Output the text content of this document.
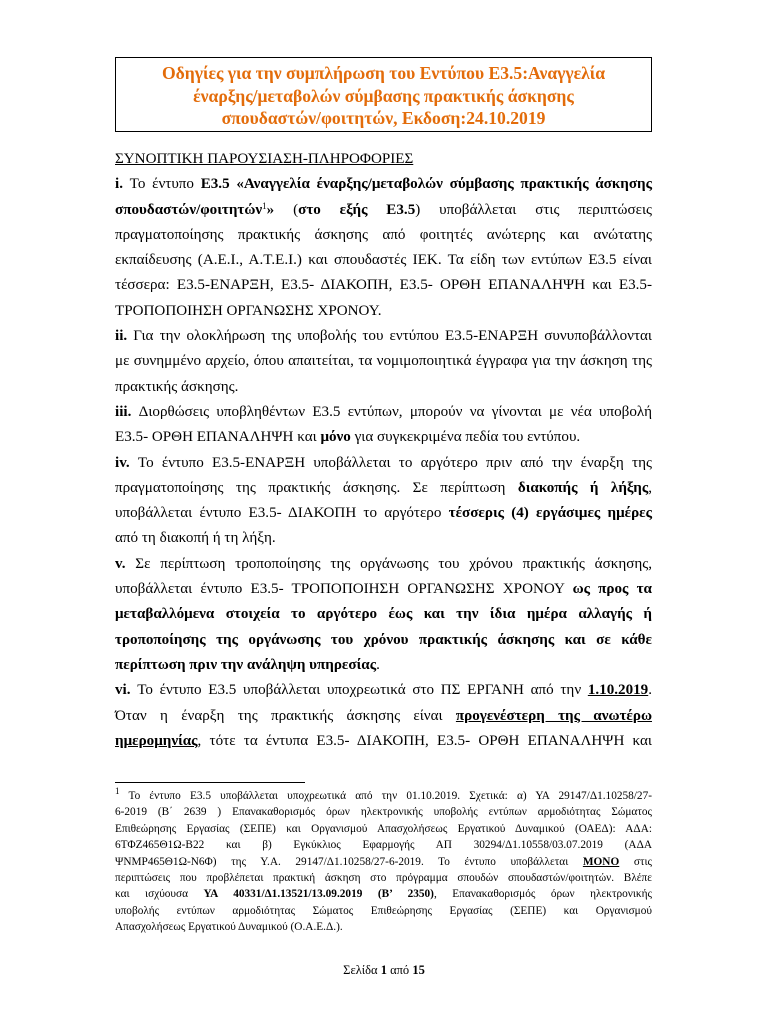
Οδηγίες για την συμπλήρωση του Εντύπου Ε3.5:Αναγγελία
έναρξης/μεταβολών σύμβασης πρακτικής άσκησης
σπουδαστών/φοιτητών, Εκδοση:24.10.2019
ΣΥΝΟΠΤΙΚΗ ΠΑΡΟΥΣΙΑΣΗ-ΠΛΗΡΟΦΟΡΙΕΣ
i. Το έντυπο Ε3.5 «Αναγγελία έναρξης/μεταβολών σύμβασης πρακτικής άσκησης
σπουδαστών/φοιτητών$^1$» (στο εξής Ε3.5) υποβάλλεται στις περιπτώσεις
πραγματοποίησης πρακτικής άσκησης από φοιτητές ανώτερης και ανώτατης
εκπαίδευσης (Α.Ε.Ι., Α.Τ.Ε.Ι.) και σπουδαστές ΙΕΚ. Τα είδη των εντύπων Ε3.5 είναι
τέσσερα: Ε3.5-ΕΝΑΡΞΗ, Ε3.5- ΔΙΑΚΟΠΗ, Ε3.5- ΟΡΘΗ ΕΠΑΝΑΛΗΨΗ και Ε3.5-
ΤΡΟΠΟΠΟΙΗΣΗ ΟΡΓΑΝΩΣΗΣ ΧΡΟΝΟΥ.
ii. Για την ολοκλήρωση της υποβολής του εντύπου Ε3.5-ΕΝΑΡΞΗ συνυποβάλλονται
με συνημμένο αρχείο, όπου απαιτείται, τα νομιμοποιητικά έγγραφα για την άσκηση της
πρακτικής άσκησης.
iii. Διορθώσεις υποβληθέντων Ε3.5 εντύπων, μπορούν να γίνονται με νέα υποβολή
Ε3.5- ΟΡΘΗ ΕΠΑΝΑΛΗΨΗ και μόνο για συγκεκριμένα πεδία του εντύπου.
iv. Το έντυπο Ε3.5-ΕΝΑΡΞΗ υποβάλλεται το αργότερο πριν από την έναρξη της
πραγματοποίησης της πρακτικής άσκησης. Σε περίπτωση διακοπής ή λήξης,
υποβάλλεται έντυπο Ε3.5- ΔΙΑΚΟΠΗ το αργότερο τέσσερις (4) εργάσιμες ημέρες
από τη διακοπή ή τη λήξη.
v. Σε περίπτωση τροποποίησης της οργάνωσης του χρόνου πρακτικής άσκησης,
υποβάλλεται έντυπο Ε3.5- ΤΡΟΠΟΠΟΙΗΣΗ ΟΡΓΑΝΩΣΗΣ ΧΡΟΝΟΥ ως προς τα
μεταβαλλόμενα στοιχεία το αργότερο έως και την ίδια ημέρα αλλαγής ή
τροποποίησης της οργάνωσης του χρόνου πρακτικής άσκησης και σε κάθε
περίπτωση πριν την ανάληψη υπηρεσίας.
vi. Το έντυπο Ε3.5 υποβάλλεται υποχρεωτικά στο ΠΣ ΕΡΓΑΝΗ από την 1.10.2019.
Όταν η έναρξη της πρακτικής άσκησης είναι προγενέστερη της ανωτέρω
ημερομηνίας, τότε τα έντυπα Ε3.5- ΔΙΑΚΟΠΗ, Ε3.5- ΟΡΘΗ ΕΠΑΝΑΛΗΨΗ και
$^1$ Το έντυπο Ε3.5 υποβάλλεται υποχρεωτικά από την 01.10.2019. Σχετικά: α) ΥΑ 29147/Δ1.10258/27-
6-2019 (Β΄ 2639 ) Επανακαθορισμός όρων ηλεκτρονικής υποβολής εντύπων αρμοδιότητας Σώματος
Επιθεώρησης Εργασίας (ΣΕΠΕ) και Οργανισμού Απασχολήσεως Εργατικού Δυναμικού (ΟΑΕΔ): ΑΔΑ:
6ΤΦΖ465Θ1Ω-Β22 και β) Εγκύκλιος Εφαρμογής ΑΠ 30294/Δ1.10558/03.07.2019 (ΑΔΑ
ΨΝΜΡ465Θ1Ω-Ν6Φ) της Υ.Α. 29147/Δ1.10258/27-6-2019. Το έντυπο υποβάλλεται ΜΟΝΟ στις
περιπτώσεις που προβλέπεται πρακτική άσκηση στο πρόγραμμα σπουδών σπουδαστών/φοιτητών. Βλέπε
και ισχύουσα ΥΑ 40331/Δ1.13521/13.09.2019 (Β’ 2350), Επανακαθορισμός όρων ηλεκτρονικής
υποβολής εντύπων αρμοδιότητας Σώματος Επιθεώρησης Εργασίας (ΣΕΠΕ) και Οργανισμού
Απασχολήσεως Εργατικού Δυναμικού (Ο.Α.Ε.Δ.).
Σελίδα 1 από 15
